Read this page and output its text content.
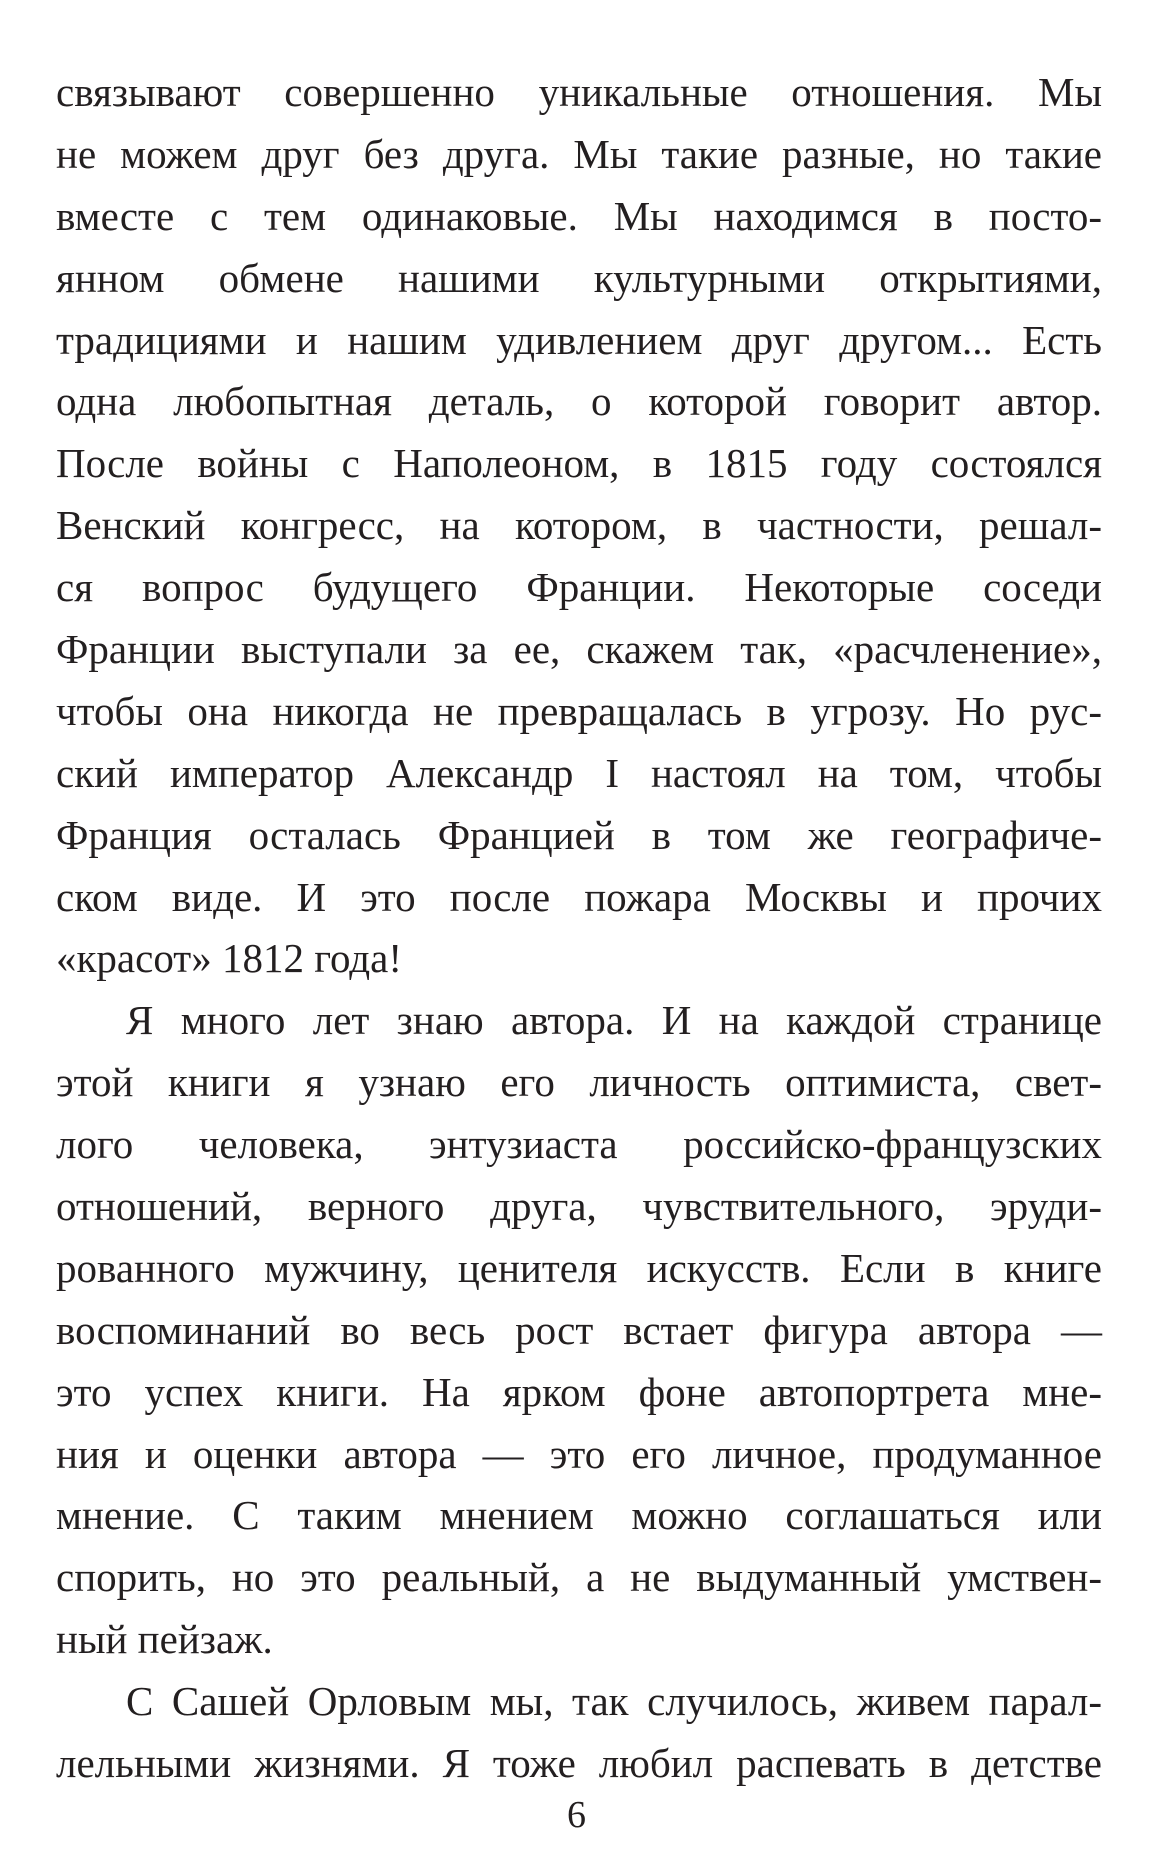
связывают совершенно уникальные отношения. Мы
не можем друг без друга. Мы такие разные, но такие
вместе с тем одинаковые. Мы находимся в посто-
янном обмене нашими культурными открытиями,
традициями и нашим удивлением друг другом... Есть
одна любопытная деталь, о которой говорит автор.
После войны с Наполеоном, в 1815 году состоялся
Венский конгресс, на котором, в частности, решал-
ся вопрос будущего Франции. Некоторые соседи
Франции выступали за ее, скажем так, «расчленение»,
чтобы она никогда не превращалась в угрозу. Но рус-
ский император Александр I настоял на том, чтобы
Франция осталась Францией в том же географиче-
ском виде. И это после пожара Москвы и прочих
«красот» 1812 года!
Я много лет знаю автора. И на каждой странице
этой книги я узнаю его личность оптимиста, свет-
лого человека, энтузиаста российско-французских
отношений, верного друга, чувствительного, эруди-
рованного мужчину, ценителя искусств. Если в книге
воспоминаний во весь рост встает фигура автора —
это успех книги. На ярком фоне автопортрета мне-
ния и оценки автора — это его личное, продуманное
мнение. С таким мнением можно соглашаться или
спорить, но это реальный, а не выдуманный умствен-
ный пейзаж.
С Сашей Орловым мы, так случилось, живем парал-
лельными жизнями. Я тоже любил распевать в детстве
6
